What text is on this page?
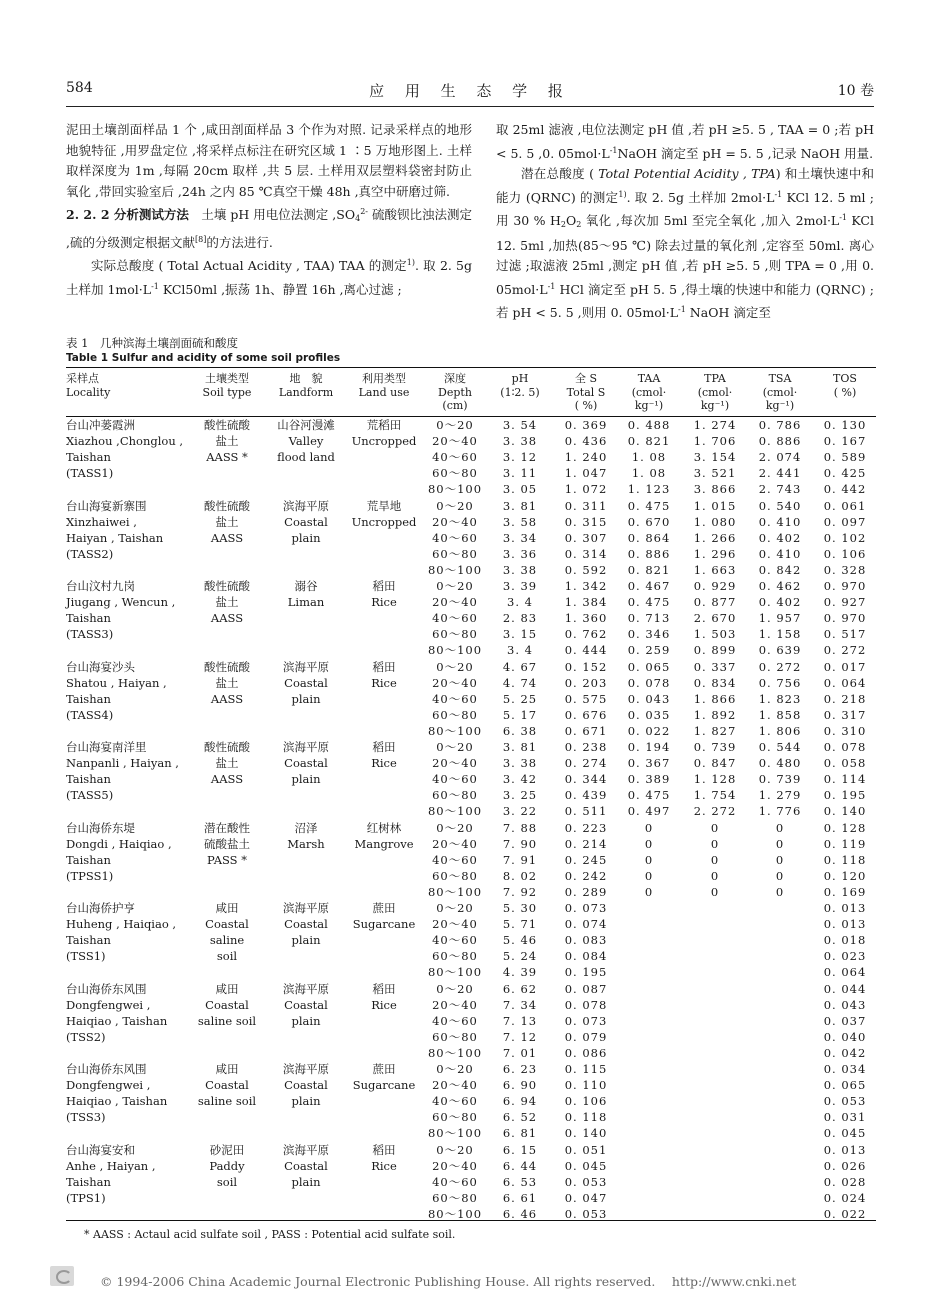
584	应 用 生 态 学 报	10 卷

泥田土壤剖面样品 1 个 ,咸田剖面样品 3 个作为对照. 记录采样点的地形地貌特征 ,用罗盘定位 ,将采样点标注在研究区域 1 ∶5 万地形图上. 土样取样深度为 1m ,每隔 20cm 取样 ,共 5 层. 土样用双层塑料袋密封防止氧化 ,带回实验室后 ,24h 之内 85 ℃真空干燥 48h ,真空中研磨过筛.

2. 2. 2 分析测试方法　土壤 pH 用电位法测定 $,SO_4^{2-}$ 硫酸钡比浊法测定 ,硫的分级测定根据文献[8]的方法进行.

实际总酸度 ( Total Actual Acidity , TAA) TAA 的测定$^{1)}$. 取 2. 5g 土样加 $1mol\cdot L^{-1}$ KCl50ml ,振荡 1h、静置 16h ,离心过滤 ;

取 25ml 滤液 ,电位法测定 pH 值 ,若 pH ≥5. 5 , TAA = 0 ;若 pH < 5. 5 ,0. $05mol\cdot L^{-1}NaOH$ 滴定至 pH = 5. 5 ,记录 NaOH 用量.

潜在总酸度 ( Total Potential Acidity , TPA) 和土壤快速中和能力 (QRNC) 的测定$^{1)}$. 取 2. 5g 土样加 $2mol\cdot L^{-1}$ KCl 12. 5 ml ;用 30 % $H_2O_2$ 氧化 ,每次加 5ml 至完全氧化 ,加入 $2mol\cdot L^{-1}$ KCl 12. 5ml ,加热(85～95 ℃) 除去过量的氧化剂 ,定容至 50ml. 离心过滤 ;取滤液 25ml ,测定 pH 值 ,若 pH ≥5. 5 ,则 TPA = 0 ,用 0. $05mol\cdot L^{-1}$ HCl 滴定至 pH 5. 5 ,得土壤的快速中和能力 (QRNC) ;若 pH < 5. 5 ,则用 0. $05mol\cdot L^{-1}$ NaOH 滴定至

表 1　几种滨海土壤剖面硫和酸度
Table 1 Sulfur and acidity of some soil profiles
采样点
Locality
土壤类型
Soil type
地　貌
Landform
利用类型
Land use
深度
Depth
(cm)
pH
(1∶2. 5)
全 S
Total S
( %)
TAA
(cmol·
kg⁻¹)
TPA
(cmol·
kg⁻¹)
TSA
(cmol·
kg⁻¹)
TOS
( %)
台山冲蒌霞洲
Xiazhou ,Chonglou ,
Taishan
(TASS1)
酸性硫酸
盐土
AASS *
山谷河漫滩
Valley
flood land
荒稻田
Uncropped
0～20
20～40
40～60
60～80
80～100
3. 54
3. 38
3. 12
3. 11
3. 05
0. 369
0. 436
1. 240
1. 047
1. 072
0. 488
0. 821
1. 08
1. 08
1. 123
1. 274
1. 706
3. 154
3. 521
3. 866
0. 786
0. 886
2. 074
2. 441
2. 743
0. 130
0. 167
0. 589
0. 425
0. 442
台山海宴新寨围
Xinzhaiwei ,
Haiyan , Taishan
(TASS2)
酸性硫酸
盐土
AASS
滨海平原
Coastal
plain
荒旱地
Uncropped
0～20
20～40
40～60
60～80
80～100
3. 81
3. 58
3. 34
3. 36
3. 38
0. 311
0. 315
0. 307
0. 314
0. 592
0. 475
0. 670
0. 864
0. 886
0. 821
1. 015
1. 080
1. 266
1. 296
1. 663
0. 540
0. 410
0. 402
0. 410
0. 842
0. 061
0. 097
0. 102
0. 106
0. 328
台山汶村九岗
Jiugang , Wencun ,
Taishan
(TASS3)
酸性硫酸
盐土
AASS
溺谷
Liman
稻田
Rice
0～20
20～40
40～60
60～80
80～100
3. 39
3. 4
2. 83
3. 15
3. 4
1. 342
1. 384
1. 360
0. 762
0. 444
0. 467
0. 475
0. 713
0. 346
0. 259
0. 929
0. 877
2. 670
1. 503
0. 899
0. 462
0. 402
1. 957
1. 158
0. 639
0. 970
0. 927
0. 970
0. 517
0. 272
台山海宴沙头
Shatou , Haiyan ,
Taishan
(TASS4)
酸性硫酸
盐土
AASS
滨海平原
Coastal
plain
稻田
Rice
0～20
20～40
40～60
60～80
80～100
4. 67
4. 74
5. 25
5. 17
6. 38
0. 152
0. 203
0. 575
0. 676
0. 671
0. 065
0. 078
0. 043
0. 035
0. 022
0. 337
0. 834
1. 866
1. 892
1. 827
0. 272
0. 756
1. 823
1. 858
1. 806
0. 017
0. 064
0. 218
0. 317
0. 310
台山海宴南洋里
Nanpanli , Haiyan ,
Taishan
(TASS5)
酸性硫酸
盐土
AASS
滨海平原
Coastal
plain
稻田
Rice
0～20
20～40
40～60
60～80
80～100
3. 81
3. 38
3. 42
3. 25
3. 22
0. 238
0. 274
0. 344
0. 439
0. 511
0. 194
0. 367
0. 389
0. 475
0. 497
0. 739
0. 847
1. 128
1. 754
2. 272
0. 544
0. 480
0. 739
1. 279
1. 776
0. 078
0. 058
0. 114
0. 195
0. 140
台山海侨东堤
Dongdi , Haiqiao ,
Taishan
(TPSS1)
潜在酸性
硫酸盐土
PASS *
沼泽
Marsh
红树林
Mangrove
0～20
20～40
40～60
60～80
80～100
7. 88
7. 90
7. 91
8. 02
7. 92
0. 223
0. 214
0. 245
0. 242
0. 289
0
0
0
0
0
0
0
0
0
0
0
0
0
0
0
0. 128
0. 119
0. 118
0. 120
0. 169
台山海侨护亨
Huheng , Haiqiao ,
Taishan
(TSS1)
咸田
Coastal
saline
soil
滨海平原
Coastal
plain
蔗田
Sugarcane
0～20
20～40
40～60
60～80
80～100
5. 30
5. 71
5. 46
5. 24
4. 39
0. 073
0. 074
0. 083
0. 084
0. 195
0. 013
0. 013
0. 018
0. 023
0. 064
台山海侨东风围
Dongfengwei ,
Haiqiao , Taishan
(TSS2)
咸田
Coastal
saline soil
滨海平原
Coastal
plain
稻田
Rice
0～20
20～40
40～60
60～80
80～100
6. 62
7. 34
7. 13
7. 12
7. 01
0. 087
0. 078
0. 073
0. 079
0. 086
0. 044
0. 043
0. 037
0. 040
0. 042
台山海侨东风围
Dongfengwei ,
Haiqiao , Taishan
(TSS3)
咸田
Coastal
saline soil
滨海平原
Coastal
plain
蔗田
Sugarcane
0～20
20～40
40～60
60～80
80～100
6. 23
6. 90
6. 94
6. 52
6. 81
0. 115
0. 110
0. 106
0. 118
0. 140
0. 034
0. 065
0. 053
0. 031
0. 045
台山海宴安和
Anhe , Haiyan ,
Taishan
(TPS1)
砂泥田
Paddy
soil
滨海平原
Coastal
plain
稻田
Rice
0～20
20～40
40～60
60～80
80～100
6. 15
6. 44
6. 53
6. 61
6. 46
0. 051
0. 045
0. 053
0. 047
0. 053
0. 013
0. 026
0. 028
0. 024
0. 022
* AASS : Actaul acid sulfate soil , PASS : Potential acid sulfate soil.
© 1994-2006 China Academic Journal Electronic Publishing House. All rights reserved.　 http://www.cnki.net
